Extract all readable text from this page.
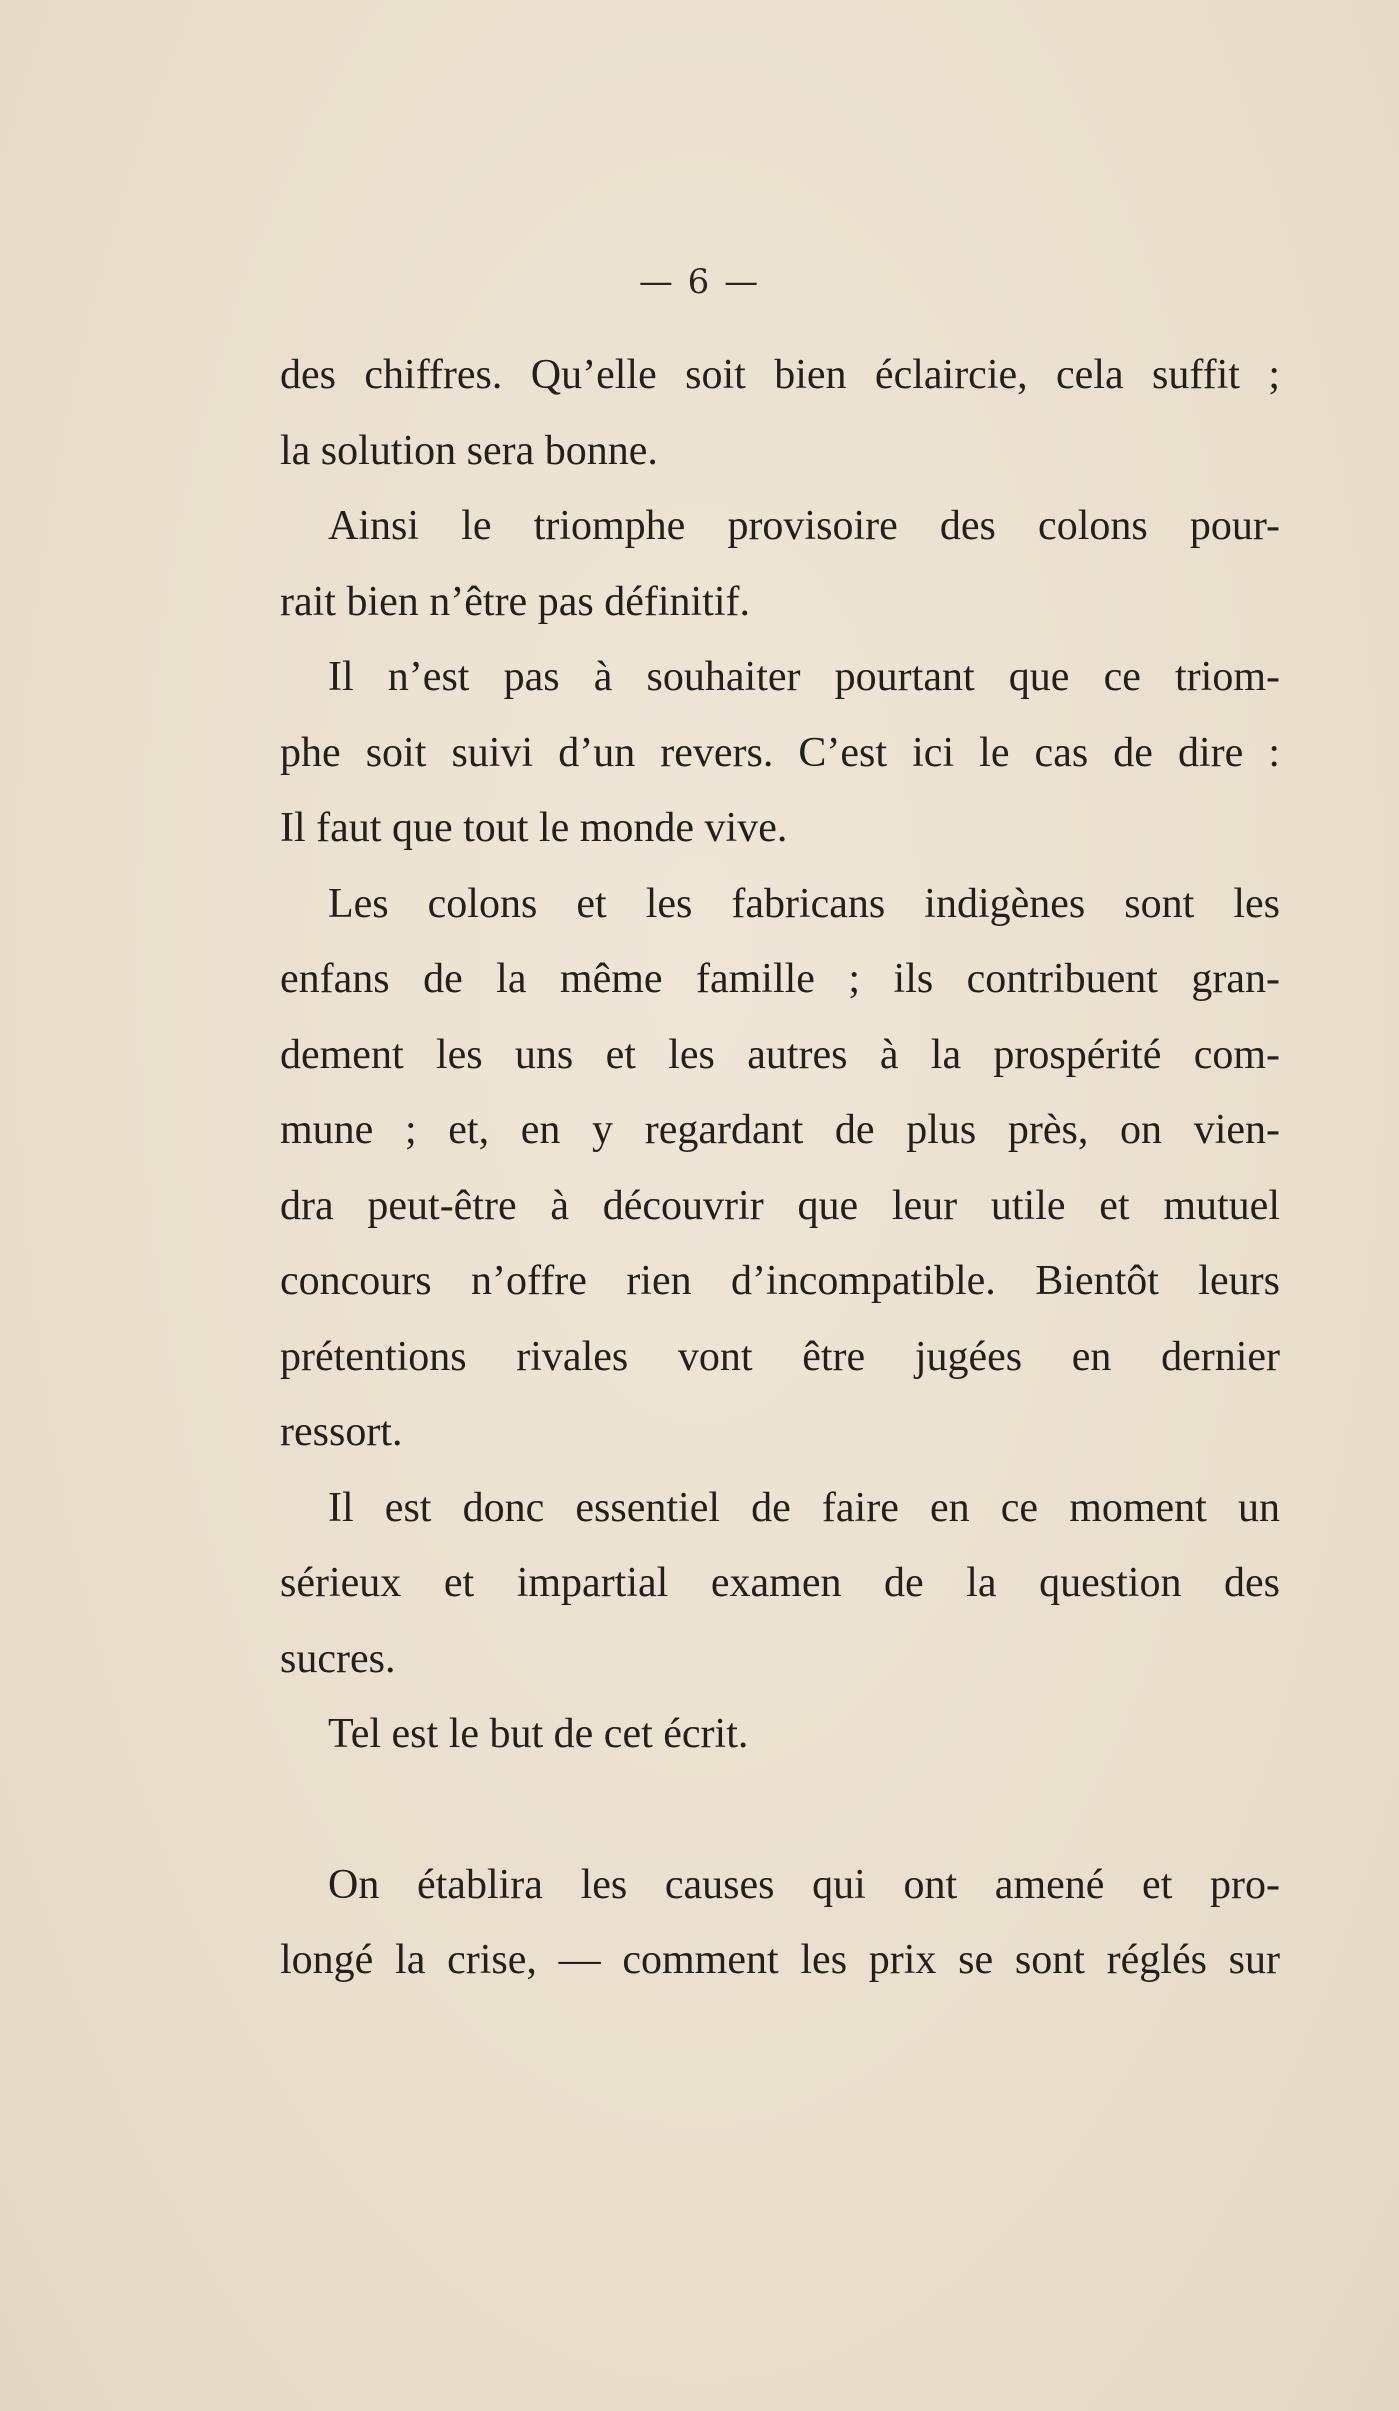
— 6 —
des chiffres. Qu’elle soit bien éclaircie, cela suffit ;
la solution sera bonne.
Ainsi le triomphe provisoire des colons pour-
rait bien n’être pas définitif.
Il n’est pas à souhaiter pourtant que ce triom-
phe soit suivi d’un revers. C’est ici le cas de dire :
Il faut que tout le monde vive.
Les colons et les fabricans indigènes sont les
enfans de la même famille ; ils contribuent gran-
dement les uns et les autres à la prospérité com-
mune ; et, en y regardant de plus près, on vien-
dra peut-être à découvrir que leur utile et mutuel
concours n’offre rien d’incompatible. Bientôt leurs
prétentions rivales vont être jugées en dernier
ressort.
Il est donc essentiel de faire en ce moment un
sérieux et impartial examen de la question des
sucres.
Tel est le but de cet écrit.
On établira les causes qui ont amené et pro-
longé la crise, — comment les prix se sont réglés sur
